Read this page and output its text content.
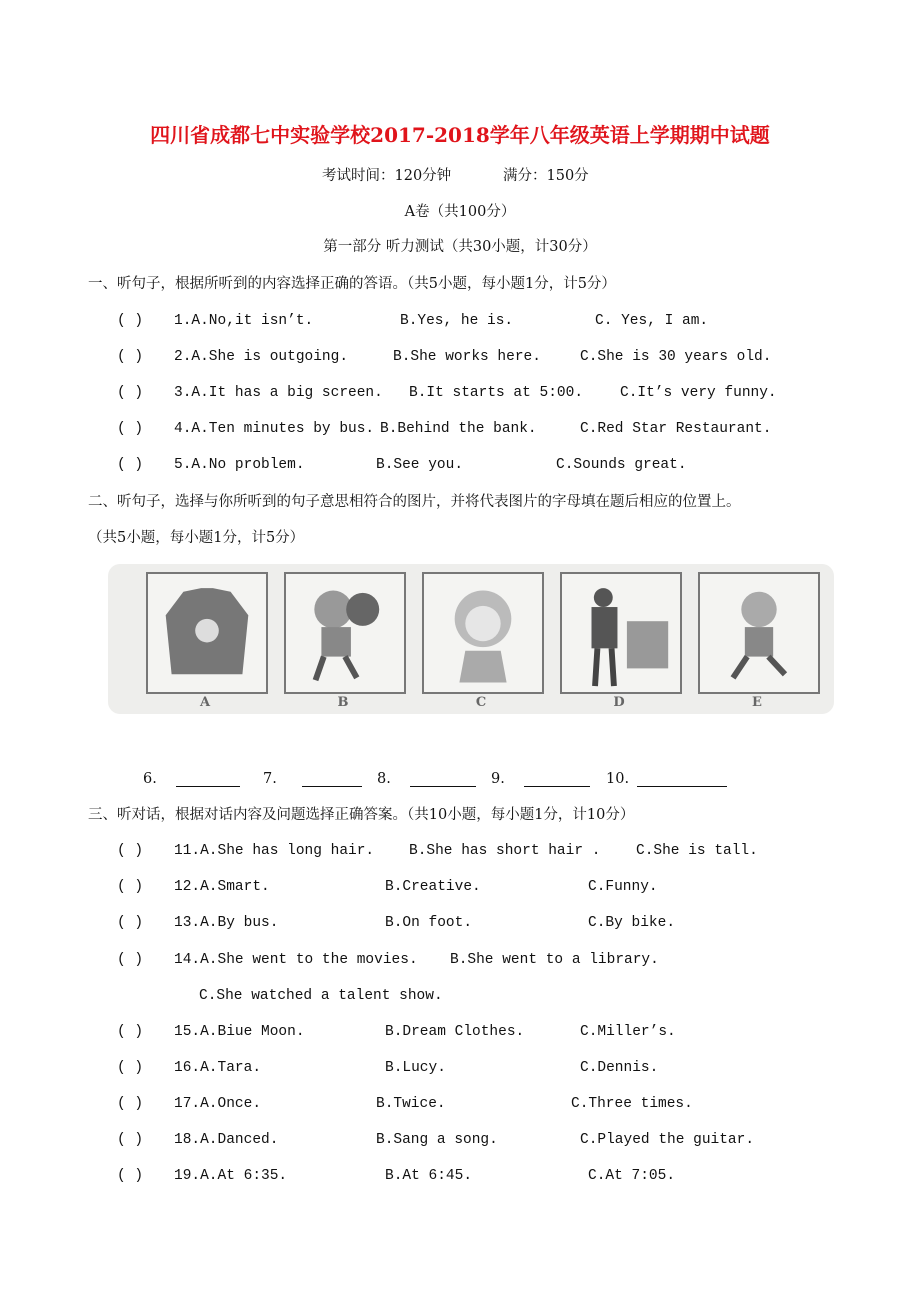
四川省成都七中实验学校2017-2018学年八年级英语上学期期中试题
考试时间：120分钟	满分：150分
A卷（共100分）
第一部分 听力测试（共30小题，计30分）
一、听句子，根据所听到的内容选择正确的答语。（共5小题，每小题1分，计5分）
( ) 1.A.No,it isn’t.	B.Yes, he is.	C. Yes, I am.
( ) 2.A.She is outgoing.	B.She works here.	C.She is 30 years old.
( ) 3.A.It has a big screen. B.It starts at 5:00.	C.It’s very funny.
( ) 4.A.Ten minutes by bus. B.Behind the bank.	C.Red Star Restaurant.
( ) 5.A.No problem.	B.See you.	C.Sounds great.
二、听句子，选择与你所听到的句子意思相符合的图片，并将代表图片的字母填在题后相应的位置上。
（共5小题，每小题1分，计5分）
A	B	C	D	E
6.	7.	8.	9.	10.
三、听对话，根据对话内容及问题选择正确答案。（共10小题，每小题1分，计10分）
( ) 11.A.She has long hair. B.She has short hair . C.She is tall.
( ) 12.A.Smart.	B.Creative.	C.Funny.
( ) 13.A.By bus.	B.On foot.	C.By bike.
( ) 14.A.She went to the movies. B.She went to a library.
C.She watched a talent show.
( ) 15.A.Biue Moon.	B.Dream Clothes.	C.Miller’s.
( ) 16.A.Tara.	B.Lucy.	C.Dennis.
( ) 17.A.Once.	B.Twice.	C.Three times.
( ) 18.A.Danced.	B.Sang a song.	C.Played the guitar.
( ) 19.A.At 6:35.	B.At 6:45.	C.At 7:05.
